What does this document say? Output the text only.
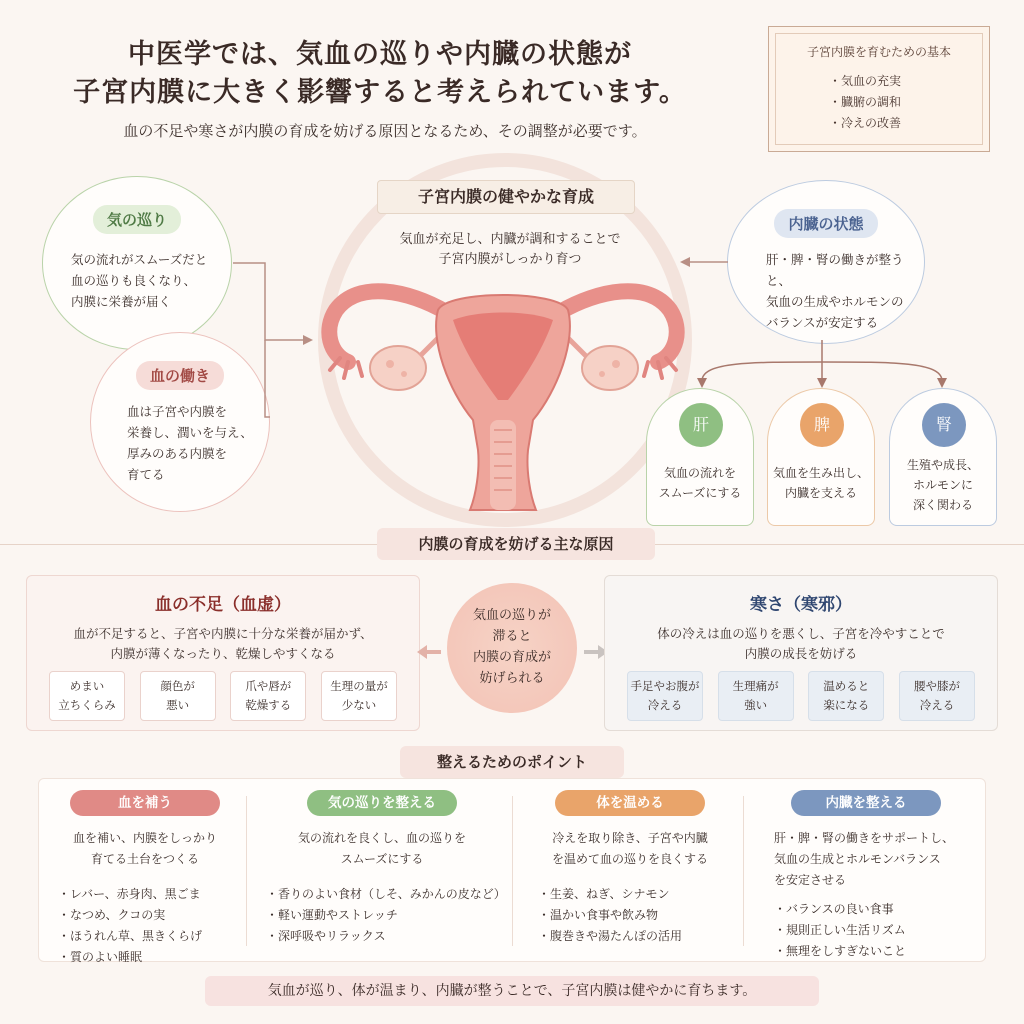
中医学では、気血の巡りや内臓の状態が
子宮内膜に大きく影響すると考えられています。
血の不足や寒さが内膜の育成を妨げる原因となるため、その調整が必要です。
子宮内膜を育むための基本
・気血の充実
・臓腑の調和
・冷えの改善
気の巡り
気の流れがスムーズだと
血の巡りも良くなり、
内膜に栄養が届く
血の働き
血は子宮や内膜を
栄養し、潤いを与え、
厚みのある内膜を
育てる
子宮内膜の健やかな育成
気血が充足し、内臓が調和することで
子宮内膜がしっかり育つ
内臓の状態
肝・脾・腎の働きが整うと、
気血の生成やホルモンの
バランスが安定する
肝
気血の流れを
スムーズにする
脾
気血を生み出し、
内臓を支える
腎
生殖や成長、
ホルモンに
深く関わる
内膜の育成を妨げる主な原因
血の不足（血虚）
血が不足すると、子宮や内膜に十分な栄養が届かず、
内膜が薄くなったり、乾燥しやすくなる
めまい
立ちくらみ
顔色が
悪い
爪や唇が
乾燥する
生理の量が
少ない
気血の巡りが
滞ると
内膜の育成が
妨げられる
寒さ（寒邪）
体の冷えは血の巡りを悪くし、子宮を冷やすことで
内膜の成長を妨げる
手足やお腹が
冷える
生理痛が
強い
温めると
楽になる
腰や膝が
冷える
整えるためのポイント
血を補う
血を補い、内膜をしっかり
育てる土台をつくる
・レバー、赤身肉、黒ごま
・なつめ、クコの実
・ほうれん草、黒きくらげ
・質のよい睡眠
気の巡りを整える
気の流れを良くし、血の巡りを
スムーズにする
・香りのよい食材（しそ、みかんの皮など）
・軽い運動やストレッチ
・深呼吸やリラックス
体を温める
冷えを取り除き、子宮や内臓
を温めて血の巡りを良くする
・生姜、ねぎ、シナモン
・温かい食事や飲み物
・腹巻きや湯たんぽの活用
内臓を整える
肝・脾・腎の働きをサポートし、
気血の生成とホルモンバランス
を安定させる
・バランスの良い食事
・規則正しい生活リズム
・無理をしすぎないこと
気血が巡り、体が温まり、内臓が整うことで、子宮内膜は健やかに育ちます。
